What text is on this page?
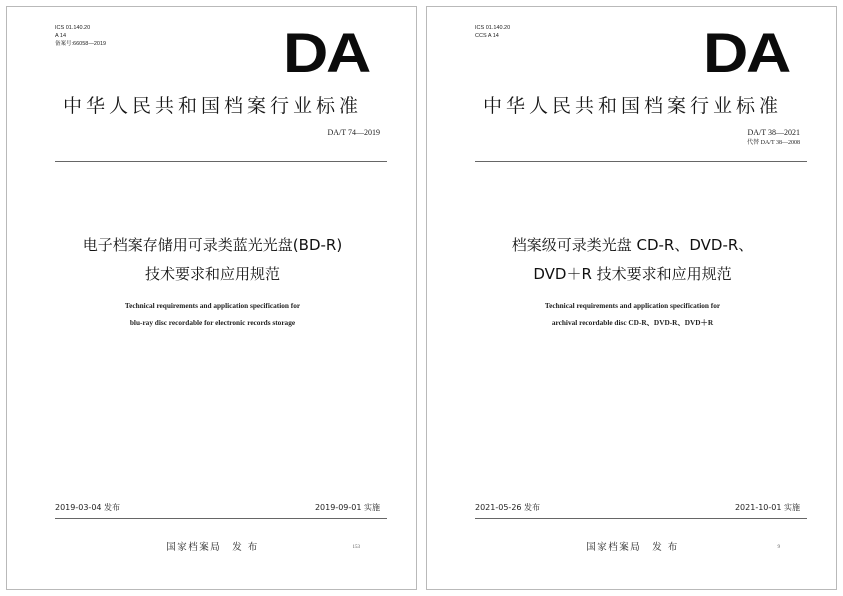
ICS 01.140.20
A 14
备案号:66058—2019	DA
中华人民共和国档案行业标准
DA/T 74—2019
电子档案存储用可录类蓝光光盘(BD-R)
技术要求和应用规范
Technical requirements and application specification for
blu-ray disc recordable for electronic records storage
2019-03-04 发布	2019-09-01 实施
国家档案局　发 布	153
ICS 01.140.20
CCS A 14	DA
中华人民共和国档案行业标准
DA/T 38—2021
代替 DA/T 38—2008
档案级可录类光盘 CD-R、DVD-R、
DVD＋R 技术要求和应用规范
Technical requirements and application specification for
archival recordable disc CD-R、DVD-R、DVD＋R
2021-05-26 发布	2021-10-01 实施
国家档案局　发 布	9
